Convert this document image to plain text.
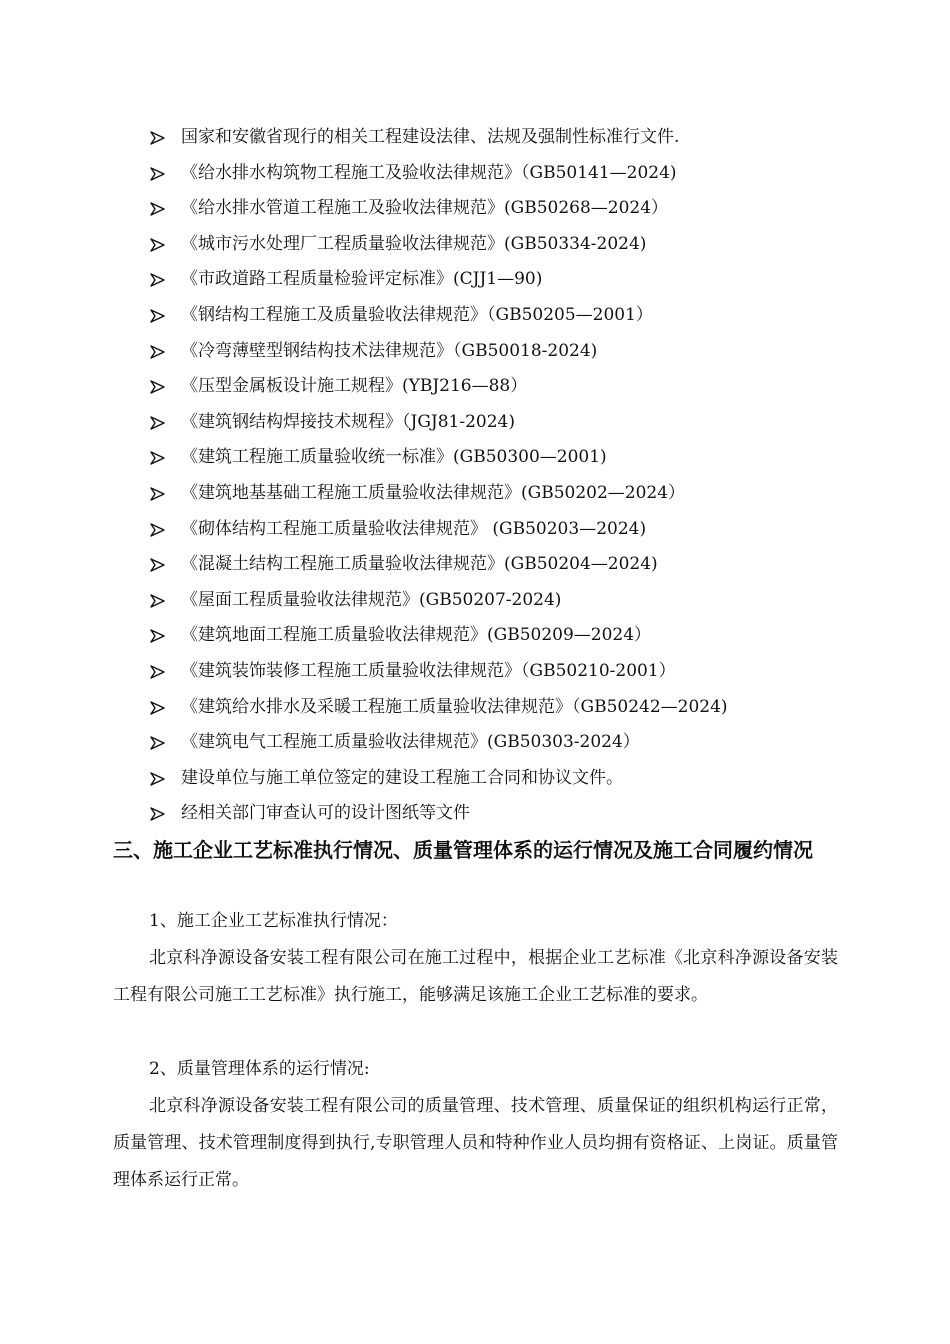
国家和安徽省现行的相关工程建设法律、法规及强制性标准行文件.
《给水排水构筑物工程施工及验收法律规范》（GB50141—2024)
《给水排水管道工程施工及验收法律规范》(GB50268—2024）
《城市污水处理厂工程质量验收法律规范》(GB50334-2024)
《市政道路工程质量检验评定标准》(CJJ1—90)
《钢结构工程施工及质量验收法律规范》（GB50205—2001）
《冷弯薄壁型钢结构技术法律规范》（GB50018-2024)
《压型金属板设计施工规程》(YBJ216—88）
《建筑钢结构焊接技术规程》（JGJ81-2024)
《建筑工程施工质量验收统一标准》(GB50300—2001)
《建筑地基基础工程施工质量验收法律规范》(GB50202—2024）
《砌体结构工程施工质量验收法律规范》 (GB50203—2024)
《混凝土结构工程施工质量验收法律规范》(GB50204—2024)
《屋面工程质量验收法律规范》(GB50207-2024)
《建筑地面工程施工质量验收法律规范》(GB50209—2024）
《建筑装饰装修工程施工质量验收法律规范》（GB50210-2001）
《建筑给水排水及采暖工程施工质量验收法律规范》（GB50242—2024)
《建筑电气工程施工质量验收法律规范》(GB50303-2024）
建设单位与施工单位签定的建设工程施工合同和协议文件。
经相关部门审查认可的设计图纸等文件
三、施工企业工艺标准执行情况、质量管理体系的运行情况及施工合同履约情况
1、施工企业工艺标准执行情况：
北京科净源设备安装工程有限公司在施工过程中，根据企业工艺标准《北京科净源设备安装工程有限公司施工工艺标准》执行施工，能够满足该施工企业工艺标准的要求。
2、质量管理体系的运行情况:
北京科净源设备安装工程有限公司的质量管理、技术管理、质量保证的组织机构运行正常，质量管理、技术管理制度得到执行,专职管理人员和特种作业人员均拥有资格证、上岗证。质量管理体系运行正常。
